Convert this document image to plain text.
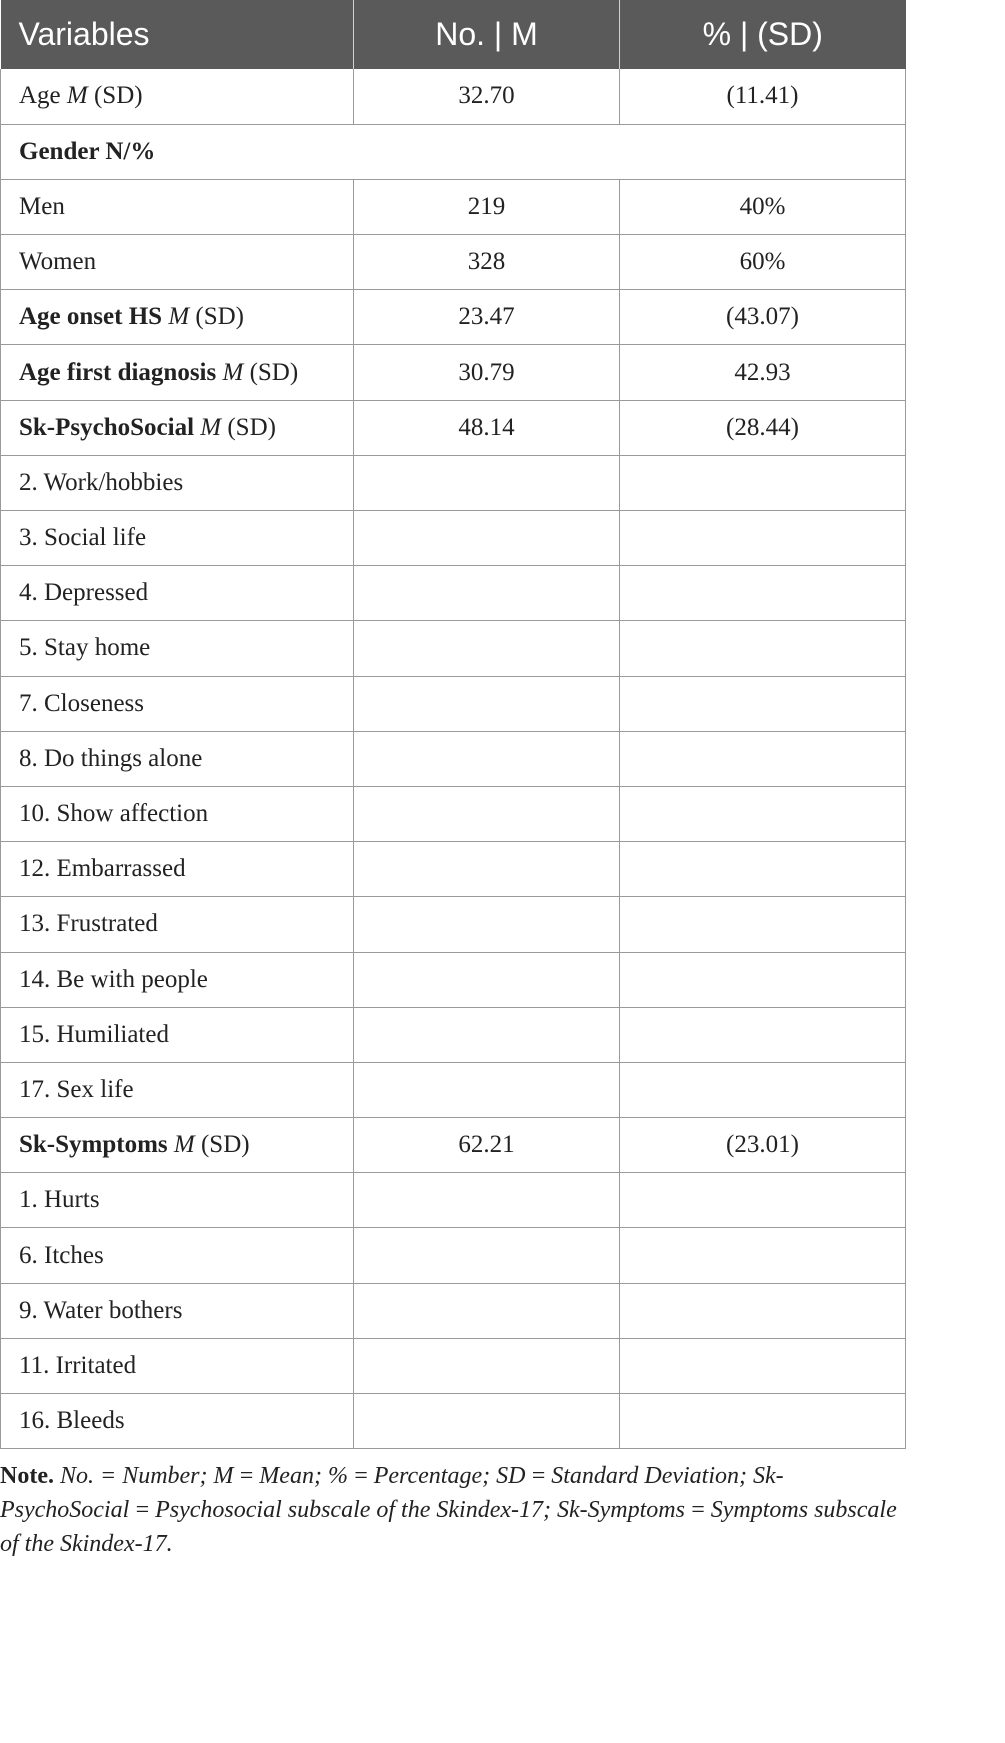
Variables	No. | M	% | (SD)
Age M (SD)	32.70	(11.41)
Gender N/%		
Men	219	40%
Women	328	60%
Age onset HS M (SD)	23.47	(43.07)
Age first diagnosis M (SD)	30.79	42.93
Sk-PsychoSocial M (SD)	48.14	(28.44)
2. Work/hobbies		
3. Social life		
4. Depressed		
5. Stay home		
7. Closeness		
8. Do things alone		
10. Show affection		
12. Embarrassed		
13. Frustrated		
14. Be with people		
15. Humiliated		
17. Sex life		
Sk-Symptoms M (SD)	62.21	(23.01)
1. Hurts		
6. Itches		
9. Water bothers		
11. Irritated		
16. Bleeds		

Note. No. = Number; M = Mean; % = Percentage; SD = Standard Deviation; Sk-PsychoSocial = Psychosocial subscale of the Skindex-17; Sk-Symptoms = Symptoms subscale of the Skindex-17.
